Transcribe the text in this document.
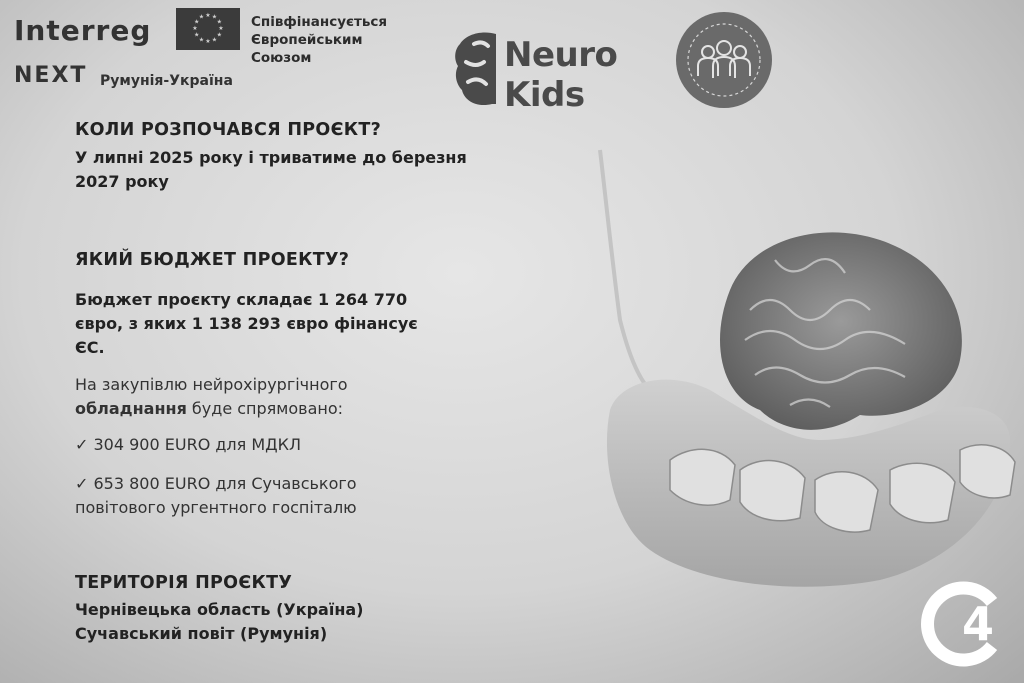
Interreg
NEXT Румунія-Україна
★ ★
★
★
★
★
★
★
★
★
★
★	Співфінансується
Європейським
Союзом	Neuro
Kids
КОЛИ РОЗПОЧАВСЯ ПРОЄКТ?
У липні 2025 року і триватиме до березня
2027 року
ЯКИЙ БЮДЖЕТ ПРОЕКТУ?
Бюджет проєкту складає 1 264 770
євро, з яких 1 138 293 євро фінансує
ЄС.
На закупівлю нейрохірургічного
обладнання буде спрямовано:
✓ 304 900 EURO для МДКЛ
✓ 653 800 EURO для Сучавського
повітового ургентного госпіталю
ТЕРИТОРІЯ ПРОЄКТУ
Чернівецька область (Україна)
Сучавський повіт (Румунія)	4
